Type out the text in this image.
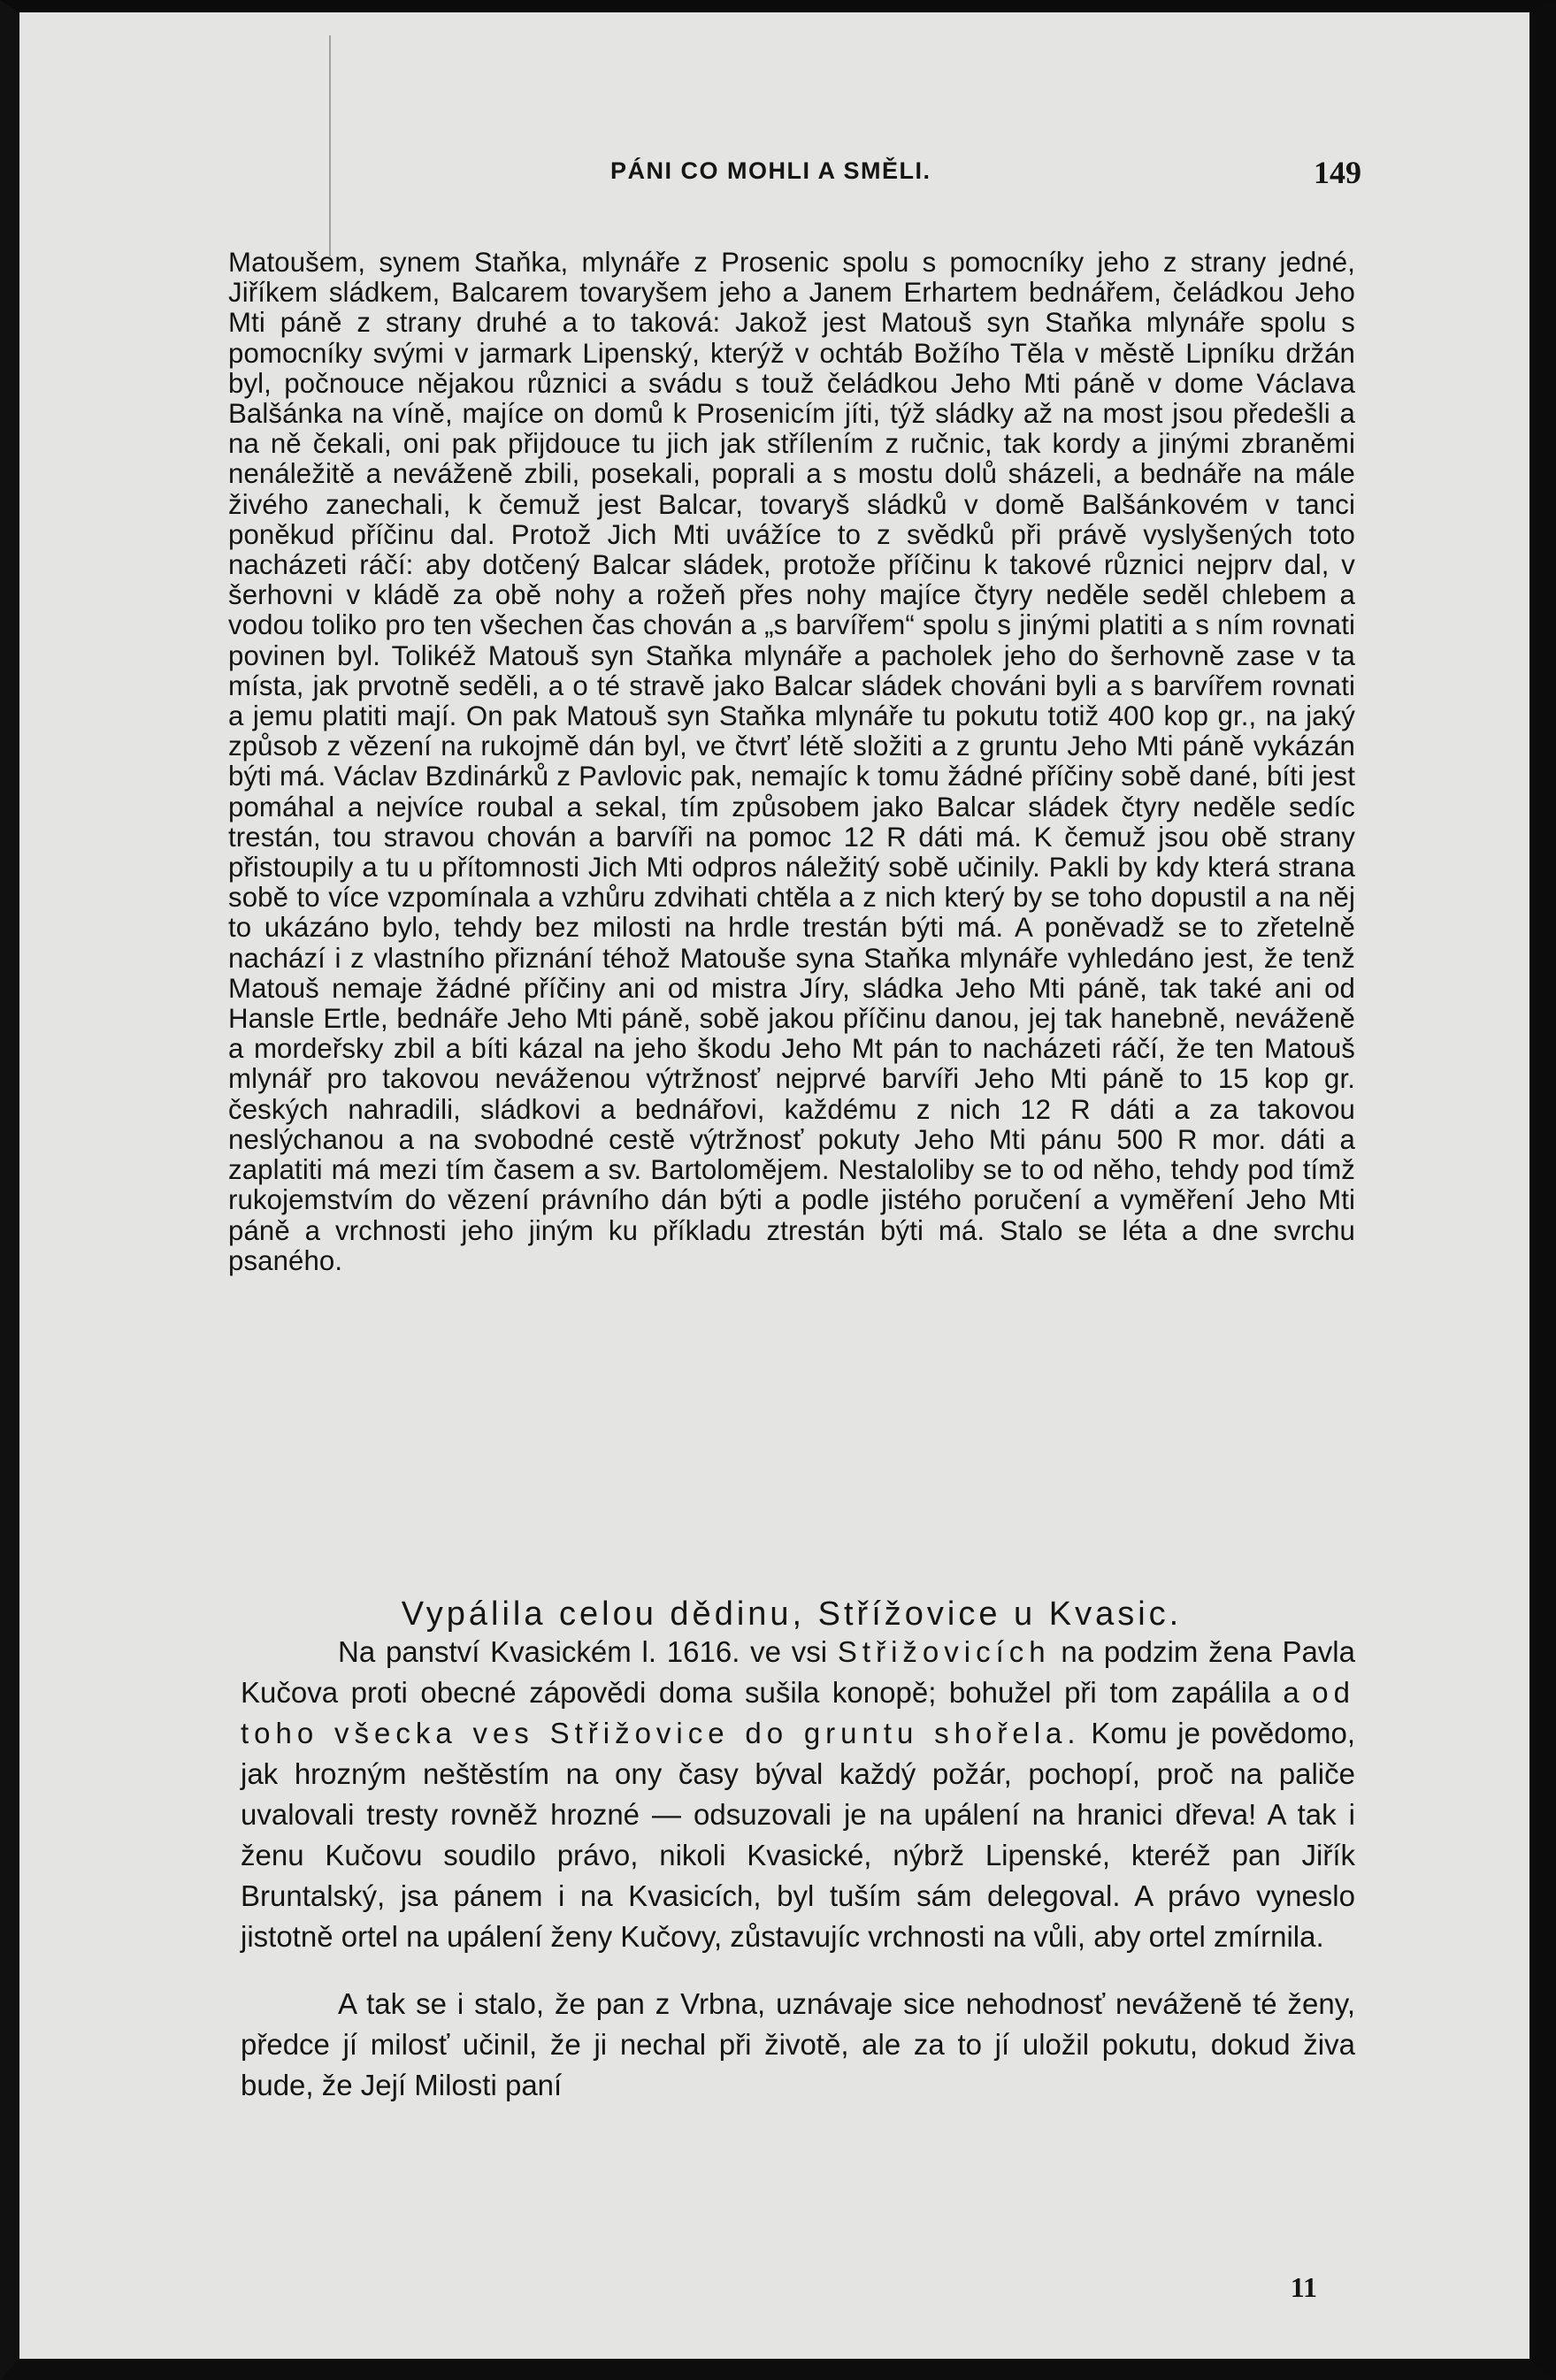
PÁNI CO MOHLI A SMĚLI.	149

Matoušem, synem Staňka, mlynáře z Prosenic spolu s pomocníky jeho z strany jedné, Jiříkem sládkem, Balcarem tovaryšem jeho a Janem Erhartem bednářem, čeládkou Jeho Mti páně z strany druhé a to taková: Jakož jest Matouš syn Staňka mlynáře spolu s pomocníky svými v jarmark Lipenský, kterýž v ochtáb Božího Těla v městě Lipníku držán byl, počnouce nějakou různici a svádu s touž čeládkou Jeho Mti páně v dome Václava Balšánka na víně, majíce on domů k Prosenicím jíti, týž sládky až na most jsou předešli a na ně čekali, oni pak přijdouce tu jich jak střílením z ručnic, tak kordy a jinými zbraněmi nenáležitě a neváženě zbili, posekali, poprali a s mostu dolů sházeli, a bednáře na mále živého zanechali, k čemuž jest Balcar, tovaryš sládků v domě Balšánkovém v tanci poněkud příčinu dal. Protož Jich Mti uvážíce to z svědků při právě vyslyšených toto nacházeti ráčí: aby dotčený Balcar sládek, protože příčinu k takové různici nejprv dal, v šerhovni v kládě za obě nohy a rožeň přes nohy majíce čtyry neděle seděl chlebem a vodou toliko pro ten všechen čas chován a „s barvířem“ spolu s jinými platiti a s ním rovnati povinen byl. Tolikéž Matouš syn Staňka mlynáře a pacholek jeho do šerhovně zase v ta místa, jak prvotně seděli, a o té stravě jako Balcar sládek chováni byli a s barvířem rovnati a jemu platiti mají. On pak Matouš syn Staňka mlynáře tu pokutu totiž 400 kop gr., na jaký způsob z vězení na rukojmě dán byl, ve čtvrť létě složiti a z gruntu Jeho Mti páně vykázán býti má. Václav Bzdinárků z Pavlovic pak, nemajíc k tomu žádné příčiny sobě dané, bíti jest pomáhal a nejvíce roubal a sekal, tím způsobem jako Balcar sládek čtyry neděle sedíc trestán, tou stravou chován a barvíři na pomoc 12 R dáti má. K čemuž jsou obě strany přistoupily a tu u přítomnosti Jich Mti odpros náležitý sobě učinily. Pakli by kdy která strana sobě to více vzpomínala a vzhůru zdvihati chtěla a z nich který by se toho dopustil a na něj to ukázáno bylo, tehdy bez milosti na hrdle trestán býti má. A poněvadž se to zřetelně nachází i z vlastního přiznání téhož Matouše syna Staňka mlynáře vyhledáno jest, že tenž Matouš nemaje žádné příčiny ani od mistra Jíry, sládka Jeho Mti páně, tak také ani od Hansle Ertle, bednáře Jeho Mti páně, sobě jakou příčinu danou, jej tak hanebně, neváženě a mordeřsky zbil a bíti kázal na jeho škodu Jeho Mt pán to nacházeti ráčí, že ten Matouš mlynář pro takovou neváženou výtržnosť nejprvé barvíři Jeho Mti páně to 15 kop gr. českých nahradili, sládkovi a bednářovi, každému z nich 12 R dáti a za takovou neslýchanou a na svobodné cestě výtržnosť pokuty Jeho Mti pánu 500 R mor. dáti a zaplatiti má mezi tím časem a sv. Bartolomějem. Nestaloliby se to od něho, tehdy pod tímž rukojemstvím do vězení právního dán býti a podle jistého poručení a vyměření Jeho Mti páně a vrchnosti jeho jiným ku příkladu ztrestán býti má. Stalo se léta a dne svrchu psaného.

Vypálila celou dědinu, Střížovice u Kvasic.

Na panství Kvasickém l. 1616. ve vsi Střižovicích na podzim žena Pavla Kučova proti obecné zápovědi doma sušila konopě; bohužel při tom zapálila a od toho všecka ves Střižovice do gruntu shořela. Komu je povědomo, jak hrozným neštěstím na ony časy býval každý požár, pochopí, proč na paliče uvalovali tresty rovněž hrozné — odsuzovali je na upálení na hranici dřeva! A tak i ženu Kučovu soudilo právo, nikoli Kvasické, nýbrž Lipenské, kteréž pan Jiřík Bruntalský, jsa pánem i na Kvasicích, byl tuším sám delegoval. A právo vyneslo jistotně ortel na upálení ženy Kučovy, zůstavujíc vrchnosti na vůli, aby ortel zmírnila.

A tak se i stalo, že pan z Vrbna, uznávaje sice nehodnosť neváženě té ženy, předce jí milosť učinil, že ji nechal při životě, ale za to jí uložil pokutu, dokud živa bude, že Její Milosti paní

11
